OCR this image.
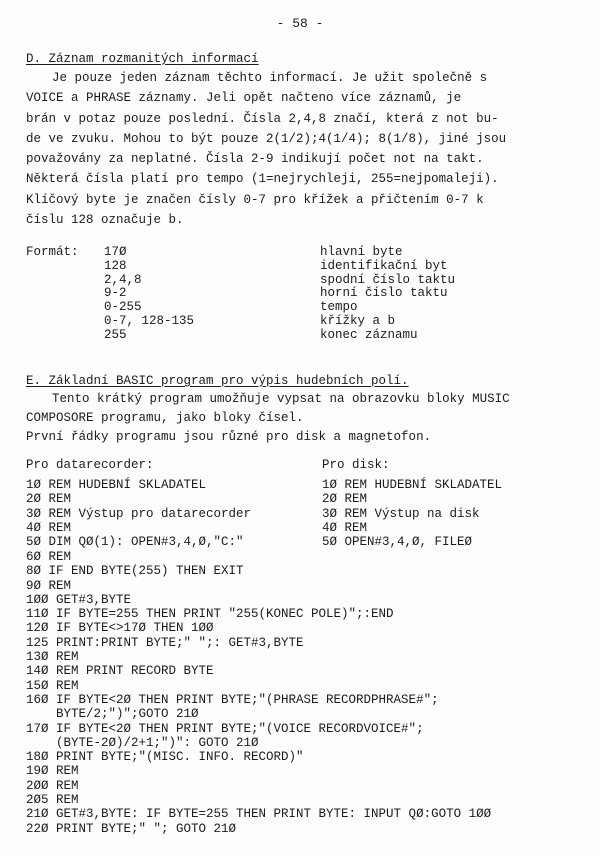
- 58 -
D. Záznam rozmanitých informací
Je pouze jeden záznam těchto informací. Je užit společně s
VOICE a PHRASE záznamy. Jeli opět načteno více záznamů, je
brán v potaz pouze poslední. Čísla 2,4,8 značí, která z not bu-
de ve zvuku. Mohou to být pouze 2(1/2);4(1/4); 8(1/8), jiné jsou
považovány za neplatné. Čísla 2-9 indikují počet not na takt.
Některá čísla platí pro tempo (1=nejrychleji, 255=nejpomaleji).
Klíčový byte je značen čísly 0-7 pro křížek a přičtením 0-7 k
číslu 128 označuje b.
Formát: 17Ø	hlavní byte
128	identifikační byt
2,4,8	spodní číslo taktu
9-2	horní číslo taktu
0-255	tempo
0-7, 128-135	křížky a b
255	konec záznamu
E. Základní BASIC program pro výpis hudebních polí.
Tento krátký program umožňuje vypsat na obrazovku bloky MUSIC
COMPOSORE programu, jako bloky čísel.
První řádky programu jsou různé pro disk a magnetofon.
Pro datarecorder:
1Ø REM HUDEBNÍ SKLADATEL
2Ø REM
3Ø REM Výstup pro datarecorder
4Ø REM
5Ø DIM QØ(1): OPEN#3,4,Ø,"C:"
Pro disk:
1Ø REM HUDEBNÍ SKLADATEL
2Ø REM
3Ø REM Výstup na disk
4Ø REM
5Ø OPEN#3,4,Ø, FILEØ
6Ø REM
8Ø IF END BYTE(255) THEN EXIT
9Ø REM
1ØØ GET#3,BYTE
11Ø IF BYTE=255 THEN PRINT "255(KONEC POLE)";:END
12Ø IF BYTE<>17Ø THEN 1ØØ
125 PRINT:PRINT BYTE;" ";: GET#3,BYTE
13Ø REM
14Ø REM PRINT RECORD BYTE
15Ø REM
16Ø IF BYTE<2Ø THEN PRINT BYTE;"(PHRASE RECORDPHRASE#";
BYTE/2;")";GOTO 21Ø
17Ø IF BYTE<2Ø THEN PRINT BYTE;"(VOICE RECORDVOICE#";
(BYTE-2Ø)/2+1;")": GOTO 21Ø
18Ø PRINT BYTE;"(MISC. INFO. RECORD)"
19Ø REM
2ØØ REM
2Ø5 REM
21Ø GET#3,BYTE: IF BYTE=255 THEN PRINT BYTE: INPUT QØ:GOTO 1ØØ
22Ø PRINT BYTE;" "; GOTO 21Ø
